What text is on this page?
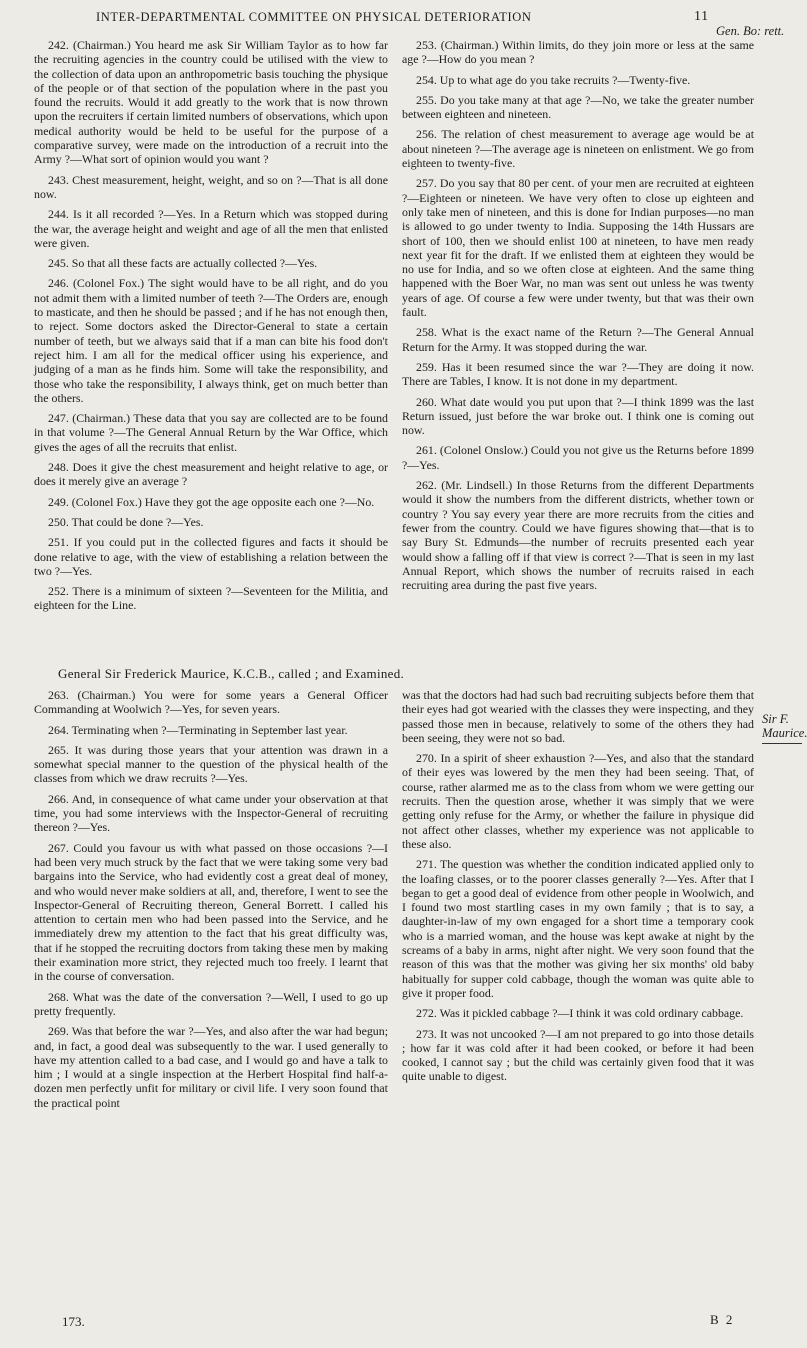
INTER-DEPARTMENTAL COMMITTEE ON PHYSICAL DETERIORATION	11
Gen. Bo: rett.

242. (Chairman.) You heard me ask Sir William Taylor as to how far the recruiting agencies in the country could be utilised with the view to the collection of data upon an anthropometric basis touching the physique of the people or of that section of the population where in the past you found the recruits. Would it add greatly to the work that is now thrown upon the recruiters if certain limited numbers of observations, which upon medical authority would be held to be useful for the purpose of a comparative survey, were made on the introduction of a recruit into the Army ?—What sort of opinion would you want ?

243. Chest measurement, height, weight, and so on ?—That is all done now.

244. Is it all recorded ?—Yes. In a Return which was stopped during the war, the average height and weight and age of all the men that enlisted were given.

245. So that all these facts are actually collected ?—Yes.

246. (Colonel Fox.) The sight would have to be all right, and do you not admit them with a limited number of teeth ?—The Orders are, enough to masticate, and then he should be passed ; and if he has not enough then, to reject. Some doctors asked the Director-General to state a certain number of teeth, but we always said that if a man can bite his food don't reject him. I am all for the medical officer using his experience, and judging of a man as he finds him. Some will take the responsibility, and those who take the responsibility, I always think, get on much better than the others.

247. (Chairman.) These data that you say are collected are to be found in that volume ?—The General Annual Return by the War Office, which gives the ages of all the recruits that enlist.

248. Does it give the chest measurement and height relative to age, or does it merely give an average ?

249. (Colonel Fox.) Have they got the age opposite each one ?—No.

250. That could be done ?—Yes.

251. If you could put in the collected figures and facts it should be done relative to age, with the view of establishing a relation between the two ?—Yes.

252. There is a minimum of sixteen ?—Seventeen for the Militia, and eighteen for the Line.

253. (Chairman.) Within limits, do they join more or less at the same age ?—How do you mean ?

254. Up to what age do you take recruits ?—Twenty-five.

255. Do you take many at that age ?—No, we take the greater number between eighteen and nineteen.

256. The relation of chest measurement to average age would be at about nineteen ?—The average age is nineteen on enlistment. We go from eighteen to twenty-five.

257. Do you say that 80 per cent. of your men are recruited at eighteen ?—Eighteen or nineteen. We have very often to close up eighteen and only take men of nineteen, and this is done for Indian purposes—no man is allowed to go under twenty to India. Supposing the 14th Hussars are short of 100, then we should enlist 100 at nineteen, to have men ready next year fit for the draft. If we enlisted them at eighteen they would be no use for India, and so we often close at eighteen. And the same thing happened with the Boer War, no man was sent out unless he was twenty years of age. Of course a few were under twenty, but that was their own fault.

258. What is the exact name of the Return ?—The General Annual Return for the Army. It was stopped during the war.

259. Has it been resumed since the war ?—They are doing it now. There are Tables, I know. It is not done in my department.

260. What date would you put upon that ?—I think 1899 was the last Return issued, just before the war broke out. I think one is coming out now.

261. (Colonel Onslow.) Could you not give us the Returns before 1899 ?—Yes.

262. (Mr. Lindsell.) In those Returns from the different Departments would it show the numbers from the different districts, whether town or country ? You say every year there are more recruits from the cities and fewer from the country. Could we have figures showing that—that is to say Bury St. Edmunds—the number of recruits presented each year would show a falling off if that view is correct ?—That is seen in my last Annual Report, which shows the number of recruits raised in each recruiting area during the past five years.

General Sir Frederick Maurice, K.C.B., called ; and Examined.
Sir F.
Maurice.

263. (Chairman.) You were for some years a General Officer Commanding at Woolwich ?—Yes, for seven years.

264. Terminating when ?—Terminating in September last year.

265. It was during those years that your attention was drawn in a somewhat special manner to the question of the physical health of the classes from which we draw recruits ?—Yes.

266. And, in consequence of what came under your observation at that time, you had some interviews with the Inspector-General of recruiting thereon ?—Yes.

267. Could you favour us with what passed on those occasions ?—I had been very much struck by the fact that we were taking some very bad bargains into the Service, who had evidently cost a great deal of money, and who would never make soldiers at all, and, therefore, I went to see the Inspector-General of Recruiting thereon, General Borrett. I called his attention to certain men who had been passed into the Service, and he immediately drew my attention to the fact that his great difficulty was, that if he stopped the recruiting doctors from taking these men by making their examination more strict, they rejected much too freely. I learnt that in the course of conversation.

268. What was the date of the conversation ?—Well, I used to go up pretty frequently.

269. Was that before the war ?—Yes, and also after the war had begun; and, in fact, a good deal was subsequently to the war. I used generally to have my attention called to a bad case, and I would go and have a talk to him ; I would at a single inspection at the Herbert Hospital find half-a-dozen men perfectly unfit for military or civil life. I very soon found that the practical point

was that the doctors had had such bad recruiting subjects before them that their eyes had got wearied with the classes they were inspecting, and they passed those men in because, relatively to some of the others they had been seeing, they were not so bad.

270. In a spirit of sheer exhaustion ?—Yes, and also that the standard of their eyes was lowered by the men they had been seeing. That, of course, rather alarmed me as to the class from whom we were getting our recruits. Then the question arose, whether it was simply that we were getting only refuse for the Army, or whether the failure in physique did not affect other classes, whether my experience was not applicable to these also.

271. The question was whether the condition indicated applied only to the loafing classes, or to the poorer classes generally ?—Yes. After that I began to get a good deal of evidence from other people in Woolwich, and I found two most startling cases in my own family ; that is to say, a daughter-in-law of my own engaged for a short time a temporary cook who is a married woman, and the house was kept awake at night by the screams of a baby in arms, night after night. We very soon found that the reason of this was that the mother was giving her six months' old baby habitually for supper cold cabbage, though the woman was quite able to give it proper food.

272. Was it pickled cabbage ?—I think it was cold ordinary cabbage.

273. It was not uncooked ?—I am not prepared to go into those details ; how far it was cold after it had been cooked, or before it had been cooked, I cannot say ; but the child was certainly given food that it was quite unable to digest.

173.	B 2
